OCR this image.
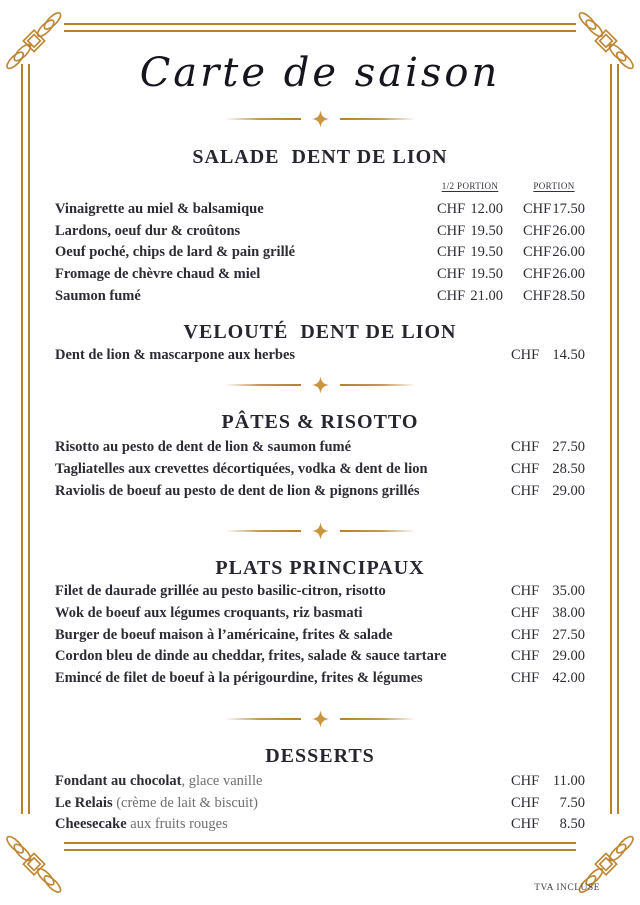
Carte de saison
SALADE  DENT DE LION
1/2 PORTION	PORTION
Vinaigrette au miel & balsamique	CHF 12.00 CHF 17.50
Lardons, oeuf dur & croûtons	CHF 19.50 CHF 26.00
Oeuf poché, chips de lard & pain grillé	CHF 19.50 CHF 26.00
Fromage de chèvre chaud & miel	CHF 19.50 CHF 26.00
Saumon fumé	CHF 21.00 CHF 28.50
VELOUTÉ  DENT DE LION
Dent de lion & mascarpone aux herbes	CHF 14.50
PÂTES & RISOTTO
Risotto au pesto de dent de lion & saumon fumé	CHF 27.50
Tagliatelles aux crevettes décortiquées, vodka & dent de lion	CHF 28.50
Raviolis de boeuf au pesto de dent de lion & pignons grillés	CHF 29.00
PLATS PRINCIPAUX
Filet de daurade grillée au pesto basilic-citron, risotto	CHF 35.00
Wok de boeuf aux légumes croquants, riz basmati	CHF 38.00
Burger de boeuf maison à l’américaine, frites & salade	CHF 27.50
Cordon bleu de dinde au cheddar, frites, salade & sauce tartare	CHF 29.00
Emincé de filet de boeuf à la périgourdine, frites & légumes	CHF 42.00
DESSERTS
Fondant au chocolat, glace vanille	CHF 11.00
Le Relais (crème de lait & biscuit)	CHF 7.50
Cheesecake aux fruits rouges	CHF 8.50
TVA INCLUSE
